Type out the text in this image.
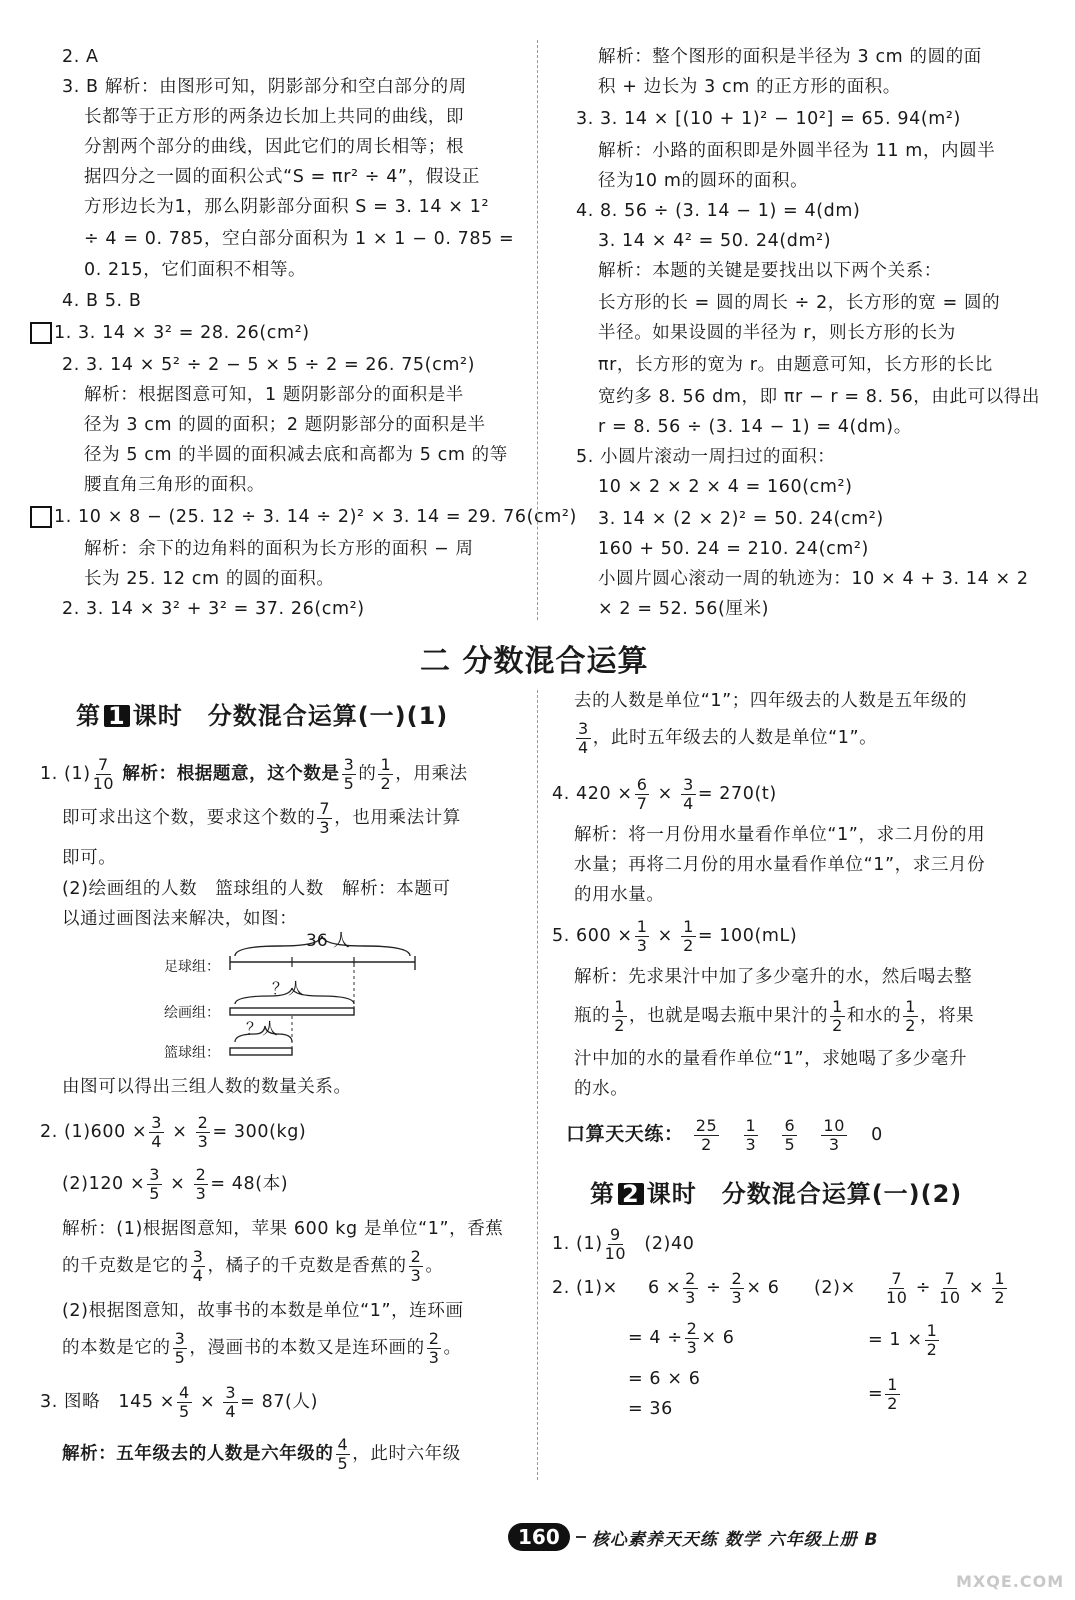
2. A
3. B 解析：由图形可知，阴影部分和空白部分的周
长都等于正方形的两条边长加上共同的曲线，即
分割两个部分的曲线，因此它们的周长相等；根
据四分之一圆的面积公式“S = πr² ÷ 4”，假设正
方形边长为1，那么阴影部分面积 S = 3. 14 × 1²
÷ 4 = 0. 785，空白部分面积为 1 × 1 − 0. 785 =
0. 215，它们面积不相等。
4. B 5. B
1. 3. 14 × 3² = 28. 26(cm²)
2. 3. 14 × 5² ÷ 2 − 5 × 5 ÷ 2 = 26. 75(cm²)
解析：根据图意可知，1 题阴影部分的面积是半
径为 3 cm 的圆的面积；2 题阴影部分的面积是半
径为 5 cm 的半圆的面积减去底和高都为 5 cm 的等
腰直角三角形的面积。
1. 10 × 8 − (25. 12 ÷ 3. 14 ÷ 2)² × 3. 14 = 29. 76(cm²)
解析：余下的边角料的面积为长方形的面积 − 周
长为 25. 12 cm 的圆的面积。
2. 3. 14 × 3² + 3² = 37. 26(cm²)
解析：整个图形的面积是半径为 3 cm 的圆的面
积 + 边长为 3 cm 的正方形的面积。
3. 3. 14 × [(10 + 1)² − 10²] = 65. 94(m²)
解析：小路的面积即是外圆半径为 11 m，内圆半
径为10 m的圆环的面积。
4. 8. 56 ÷ (3. 14 − 1) = 4(dm)
3. 14 × 4² = 50. 24(dm²)
解析：本题的关键是要找出以下两个关系：
长方形的长 = 圆的周长 ÷ 2，长方形的宽 = 圆的
半径。如果设圆的半径为 r，则长方形的长为
πr，长方形的宽为 r。由题意可知，长方形的长比
宽约多 8. 56 dm，即 πr − r = 8. 56，由此可以得出
r = 8. 56 ÷ (3. 14 − 1) = 4(dm)。
5. 小圆片滚动一周扫过的面积：
10 × 2 × 2 × 4 = 160(cm²)
3. 14 × (2 × 2)² = 50. 24(cm²)
160 + 50. 24 = 210. 24(cm²)
小圆片圆心滚动一周的轨迹为：10 × 4 + 3. 14 × 2
× 2 = 52. 56(厘米)
二 分数混合运算
第 1 课时　分数混合运算(一)(1)
1. $(1) \frac{7}{10}$ 解析：根据题意，这个数是 $\frac{3}{5}$ 的 $\frac{1}{2}$ ，用乘法
即可求出这个数，要求这个数的 $\frac{7}{3}$ ，也用乘法计算
即可。
(2)绘画组的人数　篮球组的人数　解析：本题可
以通过画图法来解决，如图：
36 人
？人
？人
足球组：
绘画组：
篮球组：
由图可以得出三组人数的数量关系。
2. $(1)600 \times \frac{3}{4} \times \frac{2}{3} = 300(kg)$
$(2)120 \times \frac{3}{5} \times \frac{2}{3} = 48$(本)
解析：(1)根据图意知，苹果 600 kg 是单位“1”，香蕉
的千克数是它的 $\frac{3}{4}$ ，橘子的千克数是香蕉的 $\frac{2}{3}$ 。
(2)根据图意知，故事书的本数是单位“1”，连环画
的本数是它的 $\frac{3}{5}$ ，漫画书的本数又是连环画的 $\frac{2}{3}$ 。
3. 图略　$145 \times \frac{4}{5} \times \frac{3}{4} = 87$(人)
解析：五年级去的人数是六年级的 $\frac{4}{5}$ ，此时六年级
去的人数是单位“1”；四年级去的人数是五年级的
$\frac{3}{4}$ ，此时五年级去的人数是单位“1”。
4. $420 \times \frac{6}{7} \times \frac{3}{4} = 270(t)$
解析：将一月份用水量看作单位“1”，求二月份的用
水量；再将二月份的用水量看作单位“1”，求三月份
的用水量。
5. $600 \times \frac{1}{3} \times \frac{1}{2} = 100(mL)$
解析：先求果汁中加了多少毫升的水，然后喝去整
瓶的 $\frac{1}{2}$ ，也就是喝去瓶中果汁的 $\frac{1}{2}$ 和水的 $\frac{1}{2}$ ，将果
汁中加的水的量看作单位“1”，求她喝了多少毫升
的水。
口算天天练： $\frac{25}{2}$
$\frac{1}{3}$
$\frac{6}{5}$
$\frac{10}{3} 0$
第 2 课时　分数混合运算(一)(2)
1. $(1) \frac{9}{10} (2)40$
2. $(1)\times 6 \times \frac{2}{3} \div \frac{2}{3} \times 6$ $(2)\times \frac{7}{10} \div \frac{7}{10} \times \frac{1}{2}$
= $4 \div \frac{2}{3} \times 6$	= $1 \times \frac{1}{2}$
= 6 × 6
= $\frac{1}{2}$
= 36
160	核心素养天天练 数学 六年级上册 B
MXQE.COM
